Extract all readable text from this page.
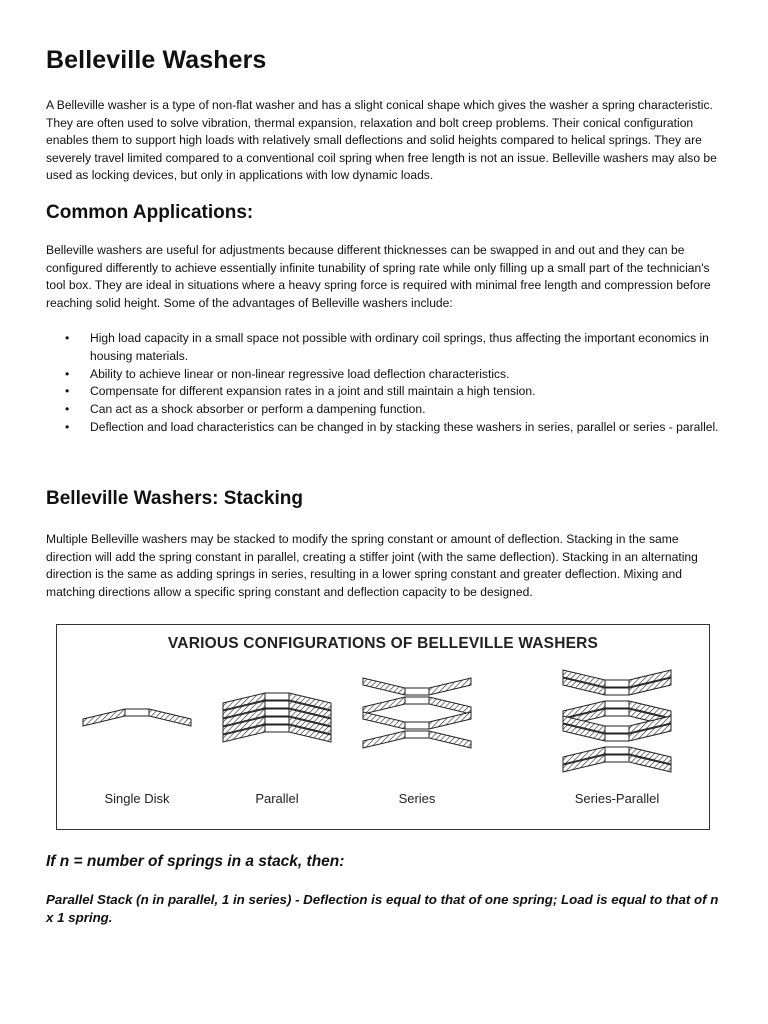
Belleville Washers

A Belleville washer is a type of non-flat washer and has a slight conical shape which gives the washer a spring characteristic. They are often used to solve vibration, thermal expansion, relaxation and bolt creep problems. Their conical configuration enables them to support high loads with relatively small deflections and solid heights compared to helical springs. They are severely travel limited compared to a conventional coil spring when free length is not an issue. Belleville washers may also be used as locking devices, but only in applications with low dynamic loads.

Common Applications:

Belleville washers are useful for adjustments because different thicknesses can be swapped in and out and they can be configured differently to achieve essentially infinite tunability of spring rate while only filling up a small part of the technician's tool box. They are ideal in situations where a heavy spring force is required with minimal free length and compression before reaching solid height. Some of the advantages of Belleville washers include:

• High load capacity in a small space not possible with ordinary coil springs, thus affecting the important economics in housing materials.
• Ability to achieve linear or non-linear regressive load deflection characteristics.
• Compensate for different expansion rates in a joint and still maintain a high tension.
• Can act as a shock absorber or perform a dampening function.
• Deflection and load characteristics can be changed in by stacking these washers in series, parallel or series - parallel.
Belleville Washers: Stacking

Multiple Belleville washers may be stacked to modify the spring constant or amount of deflection. Stacking in the same direction will add the spring constant in parallel, creating a stiffer joint (with the same deflection). Stacking in an alternating direction is the same as adding springs in series, resulting in a lower spring constant and greater deflection. Mixing and matching directions allow a specific spring constant and deflection capacity to be designed.

If n = number of springs in a stack, then:

Parallel Stack (n in parallel, 1 in series) - Deflection is equal to that of one spring; Load is equal to that of n x 1 spring.

VARIOUS CONFIGURATIONS OF BELLEVILLE WASHERS
Single Disk	Parallel	Series	Series-Parallel
